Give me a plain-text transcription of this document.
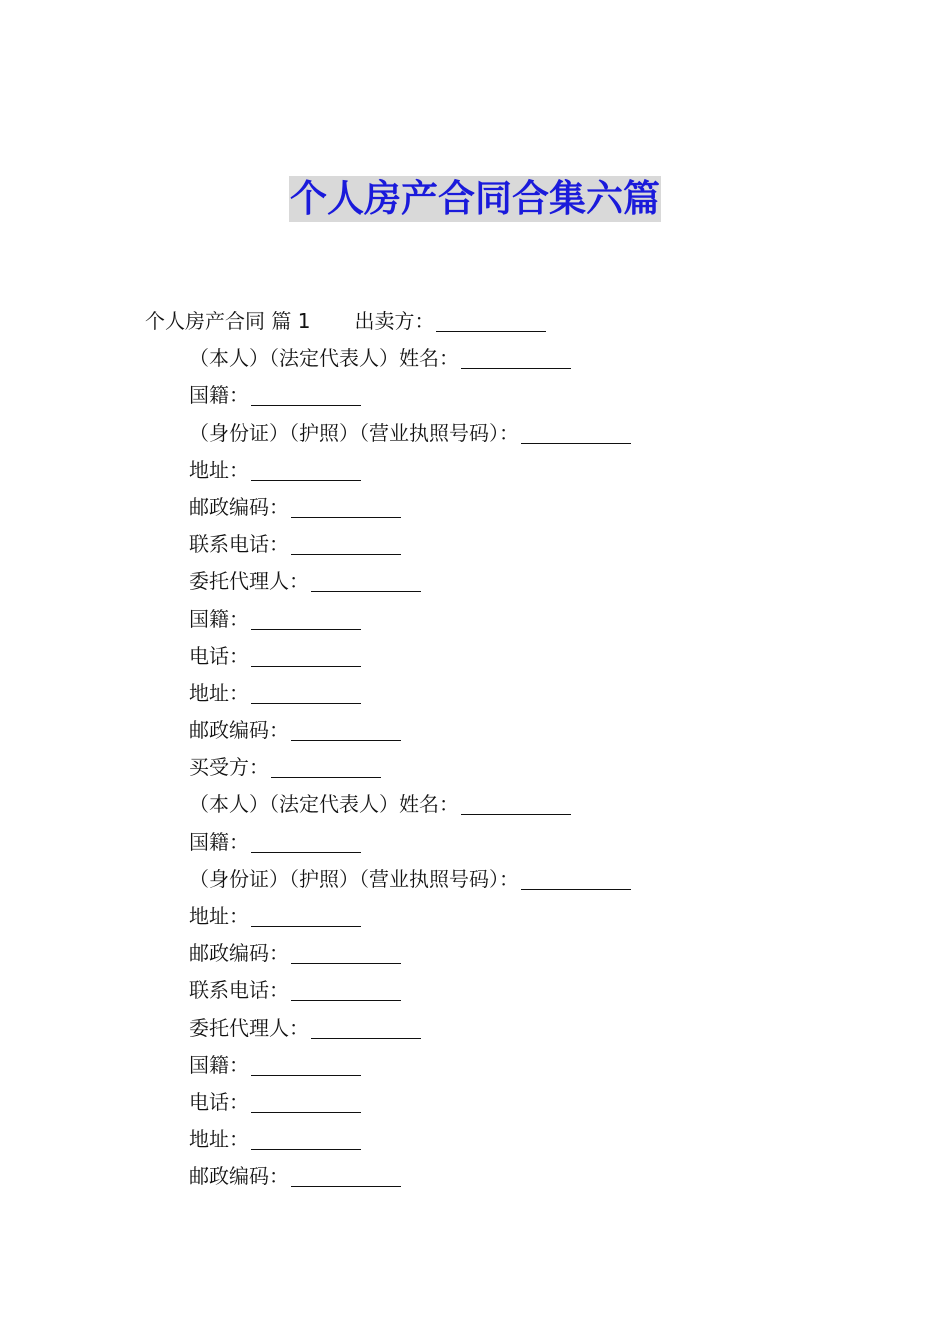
个人房产合同合集六篇
个人房产合同 篇 1 出卖方：
（本人）（法定代表人）姓名：
国籍：
（身份证）（护照）（营业执照号码）：
地址：
邮政编码：
联系电话：
委托代理人：
国籍：
电话：
地址：
邮政编码：
买受方：
（本人）（法定代表人）姓名：
国籍：
（身份证）（护照）（营业执照号码）：
地址：
邮政编码：
联系电话：
委托代理人：
国籍：
电话：
地址：
邮政编码：
